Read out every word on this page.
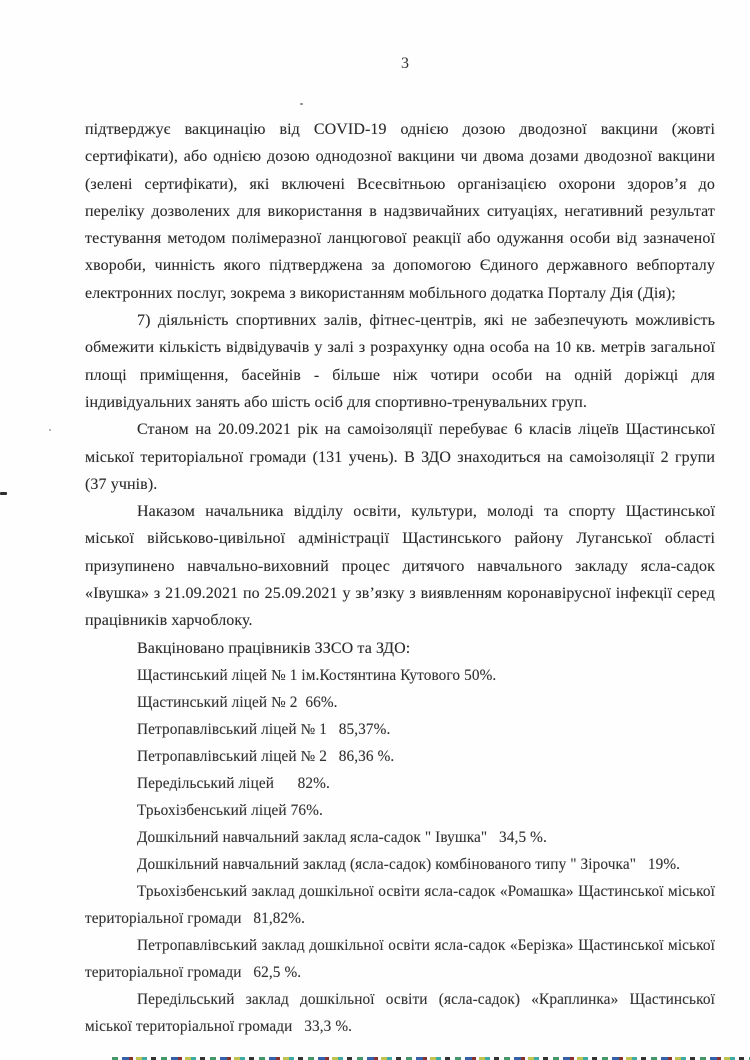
3

підтверджує вакцинацію від COVID-19 однією дозою дводозної вакцини (жовті сертифікати), або однією дозою однодозної вакцини чи двома дозами дводозної вакцини (зелені сертифікати), які включені Всесвітньою організацією охорони здоров’я до переліку дозволених для використання в надзвичайних ситуаціях, негативний результат тестування методом полімеразної ланцюгової реакції або одужання особи від зазначеної хвороби, чинність якого підтверджена за допомогою Єдиного державного вебпорталу електронних послуг, зокрема з використанням мобільного додатка Порталу Дія (Дія);

7) діяльність спортивних залів, фітнес-центрів, які не забезпечують можливість обмежити кількість відвідувачів у залі з розрахунку одна особа на 10 кв. метрів загальної площі приміщення, басейнів - більше ніж чотири особи на одній доріжці для індивідуальних занять або шість осіб для спортивно-тренувальних груп.

Станом на 20.09.2021 рік на самоізоляції перебуває 6 класів ліцеїв Щастинської міської територіальної громади (131 учень). В ЗДО знаходиться на самоізоляції 2 групи (37 учнів).

Наказом начальника відділу освіти, культури, молоді та спорту Щастинської міської військово-цивільної адміністрації Щастинського району Луганської області призупинено навчально-виховний процес дитячого навчального закладу ясла-садок «Івушка» з 21.09.2021 по 25.09.2021 у зв’язку з виявленням коронавірусної інфекції серед працівників харчоблоку.

Вакціновано працівників ЗЗСО та ЗДО:

Щастинський ліцей № 1 ім.Костянтина Кутового 50%.
Щастинський ліцей № 2  66%.
Петропавлівський ліцей № 1   85,37%.
Петропавлівський ліцей № 2   86,36 %.
Передільський ліцей      82%.
Трьохізбенський ліцей 76%.
Дошкільний навчальний заклад ясла-садок " Івушка"   34,5 %.
Дошкільний навчальний заклад (ясла-садок) комбінованого типу " Зірочка"   19%.
Трьохізбенський заклад дошкільної освіти ясла-садок «Ромашка» Щастинської міської територіальної громади   81,82%.
Петропавлівський заклад дошкільної освіти ясла-садок «Берізка» Щастинської міської територіальної громади   62,5 %.
Передільський заклад дошкільної освіти (ясла-садок) «Краплинка» Щастинської міської територіальної громади   33,3 %.
